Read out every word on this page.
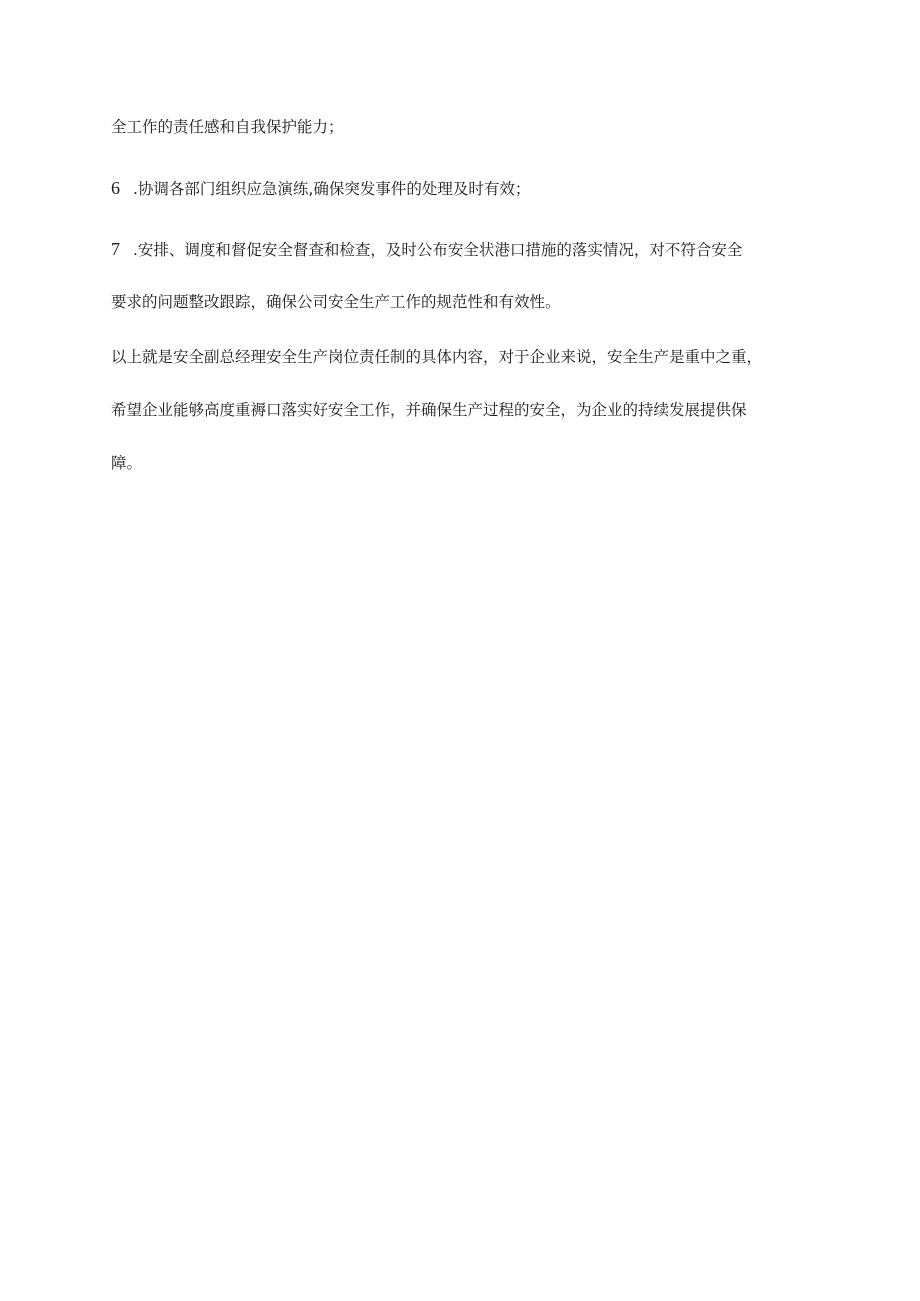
全工作的责任感和自我保护能力；
6 .协调各部门组织应急演练,确保突发事件的处理及时有效；
7 .安排、调度和督促安全督查和检查，及时公布安全状港口措施的落实情况，对不符合安全
要求的问题整改跟踪，确保公司安全生产工作的规范性和有效性。
以上就是安全副总经理安全生产岗位责任制的具体内容，对于企业来说，安全生产是重中之重，
希望企业能够高度重褥口落实好安全工作，并确保生产过程的安全，为企业的持续发展提供保
障。
